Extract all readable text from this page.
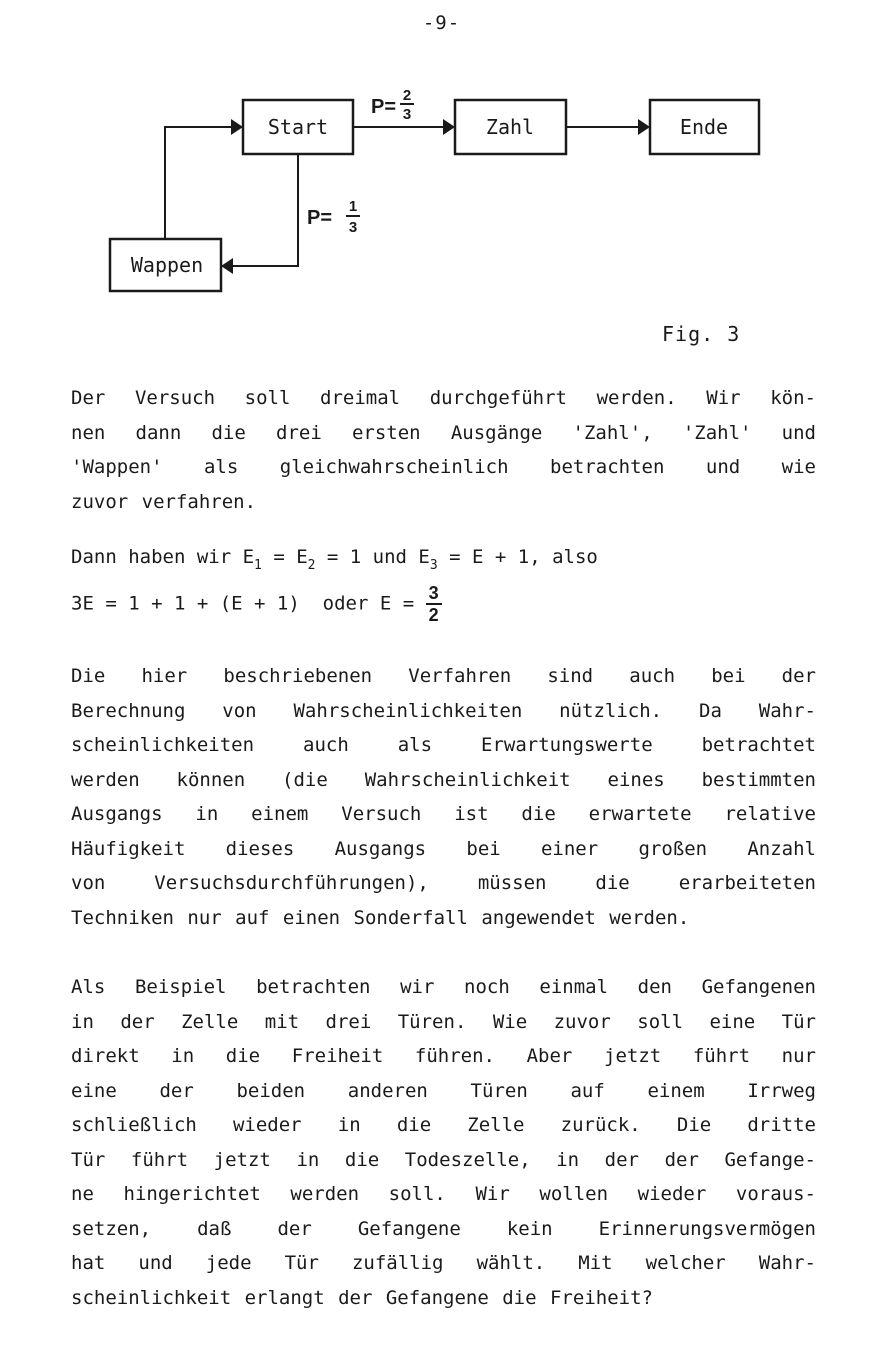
-9-
Start	Zahl	Ende
Wappen
P=
2
3
P=
1
3
Fig. 3
Der Versuch soll dreimal durchgeführt werden. Wir kön-
nen dann die drei ersten Ausgänge 'Zahl', 'Zahl' und
'Wappen' als gleichwahrscheinlich betrachten und wie
zuvor verfahren.
Dann haben wir $E_1 = E_2 = 1$ und $E_3 = E + 1$, also
3E = 1 + 1 + (E + 1)  oder $E = \frac{3}{2}$
Die hier beschriebenen Verfahren sind auch bei der
Berechnung von Wahrscheinlichkeiten nützlich. Da Wahr-
scheinlichkeiten auch als Erwartungswerte betrachtet
werden können (die Wahrscheinlichkeit eines bestimmten
Ausgangs in einem Versuch ist die erwartete relative
Häufigkeit dieses Ausgangs bei einer großen Anzahl
von Versuchsdurchführungen), müssen die erarbeiteten
Techniken nur auf einen Sonderfall angewendet werden.
Als Beispiel betrachten wir noch einmal den Gefangenen
in der Zelle mit drei Türen. Wie zuvor soll eine Tür
direkt in die Freiheit führen. Aber jetzt führt nur
eine der beiden anderen Türen auf einem Irrweg
schließlich wieder in die Zelle zurück. Die dritte
Tür führt jetzt in die Todeszelle, in der der Gefange-
ne hingerichtet werden soll. Wir wollen wieder voraus-
setzen, daß der Gefangene kein Erinnerungsvermögen
hat und jede Tür zufällig wählt. Mit welcher Wahr-
scheinlichkeit erlangt der Gefangene die Freiheit?
